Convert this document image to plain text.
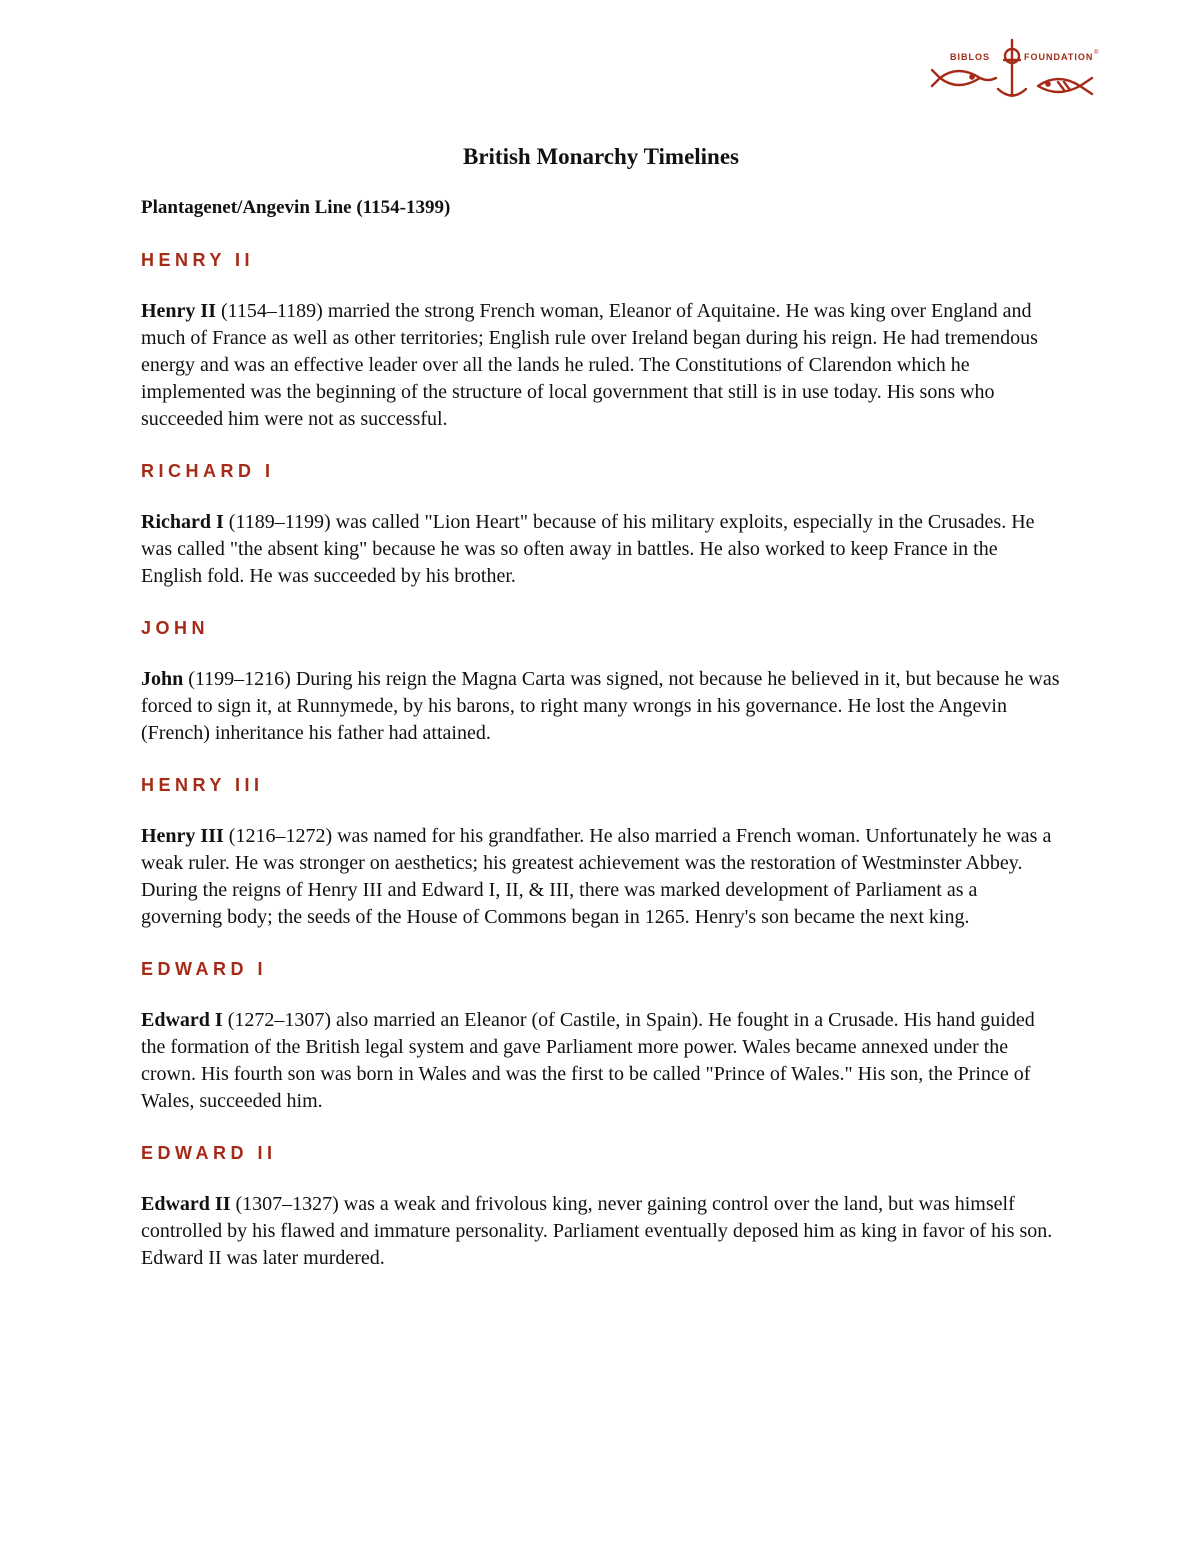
BIBLOS	FOUNDATION ®
British Monarchy Timelines
Plantagenet/Angevin Line (1154-1399)
HENRY II

Henry II (1154–1189) married the strong French woman, Eleanor of Aquitaine. He was king over England and much of France as well as other territories; English rule over Ireland began during his reign. He had tremendous energy and was an effective leader over all the lands he ruled. The Constitutions of Clarendon which he implemented was the beginning of the structure of local government that still is in use today. His sons who succeeded him were not as successful.

RICHARD I

Richard I (1189–1199) was called "Lion Heart" because of his military exploits, especially in the Crusades. He was called "the absent king" because he was so often away in battles. He also worked to keep France in the English fold. He was succeeded by his brother.

JOHN

John (1199–1216) During his reign the Magna Carta was signed, not because he believed in it, but because he was forced to sign it, at Runnymede, by his barons, to right many wrongs in his governance. He lost the Angevin (French) inheritance his father had attained.

HENRY III

Henry III (1216–1272) was named for his grandfather. He also married a French woman. Unfortunately he was a weak ruler. He was stronger on aesthetics; his greatest achievement was the restoration of Westminster Abbey. During the reigns of Henry III and Edward I, II, & III, there was marked development of Parliament as a governing body; the seeds of the House of Commons began in 1265. Henry's son became the next king.

EDWARD I

Edward I (1272–1307) also married an Eleanor (of Castile, in Spain). He fought in a Crusade. His hand guided the formation of the British legal system and gave Parliament more power. Wales became annexed under the crown. His fourth son was born in Wales and was the first to be called "Prince of Wales." His son, the Prince of Wales, succeeded him.

EDWARD II

Edward II (1307–1327) was a weak and frivolous king, never gaining control over the land, but was himself controlled by his flawed and immature personality. Parliament eventually deposed him as king in favor of his son. Edward II was later murdered.
